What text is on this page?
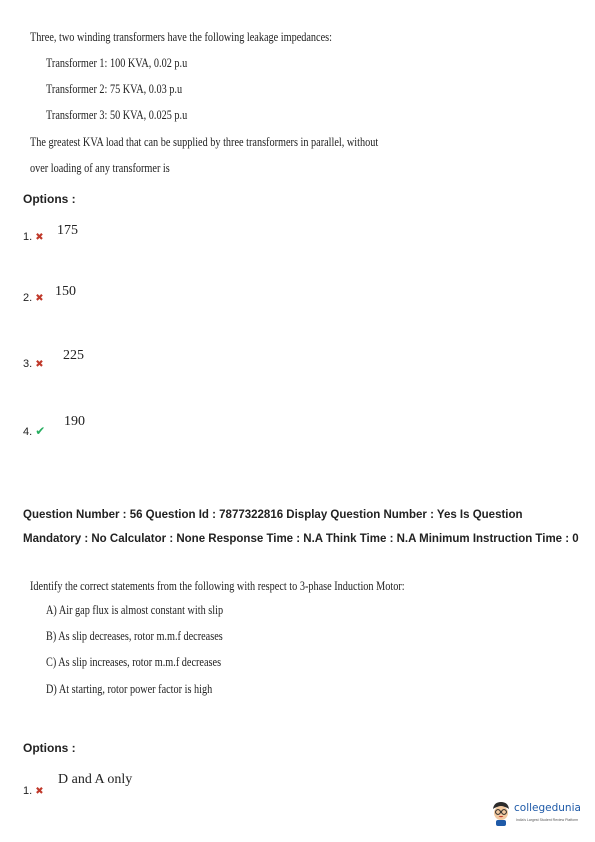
Three, two winding transformers have the following leakage impedances:
Transformer 1: 100 KVA, 0.02 p.u
Transformer 2: 75 KVA, 0.03 p.u
Transformer 3: 50 KVA, 0.025 p.u
The greatest KVA load that can be supplied by three transformers in parallel, without
over loading of any transformer is
Options :
1. ✖ 175
2. ✖ 150
3. ✖
225
4. ✔
190
Question Number : 56 Question Id : 7877322816 Display Question Number : Yes Is Question Mandatory : No Calculator : None Response Time : N.A Think Time : N.A Minimum Instruction Time : 0
Identify the correct statements from the following with respect to 3-phase Induction Motor:
A) Air gap flux is almost constant with slip
B) As slip decreases, rotor m.m.f decreases
C) As slip increases, rotor m.m.f decreases
D) At starting, rotor power factor is high
Options :
1. ✖
D and A only
collegedunia
India's Largest Student Review Platform
